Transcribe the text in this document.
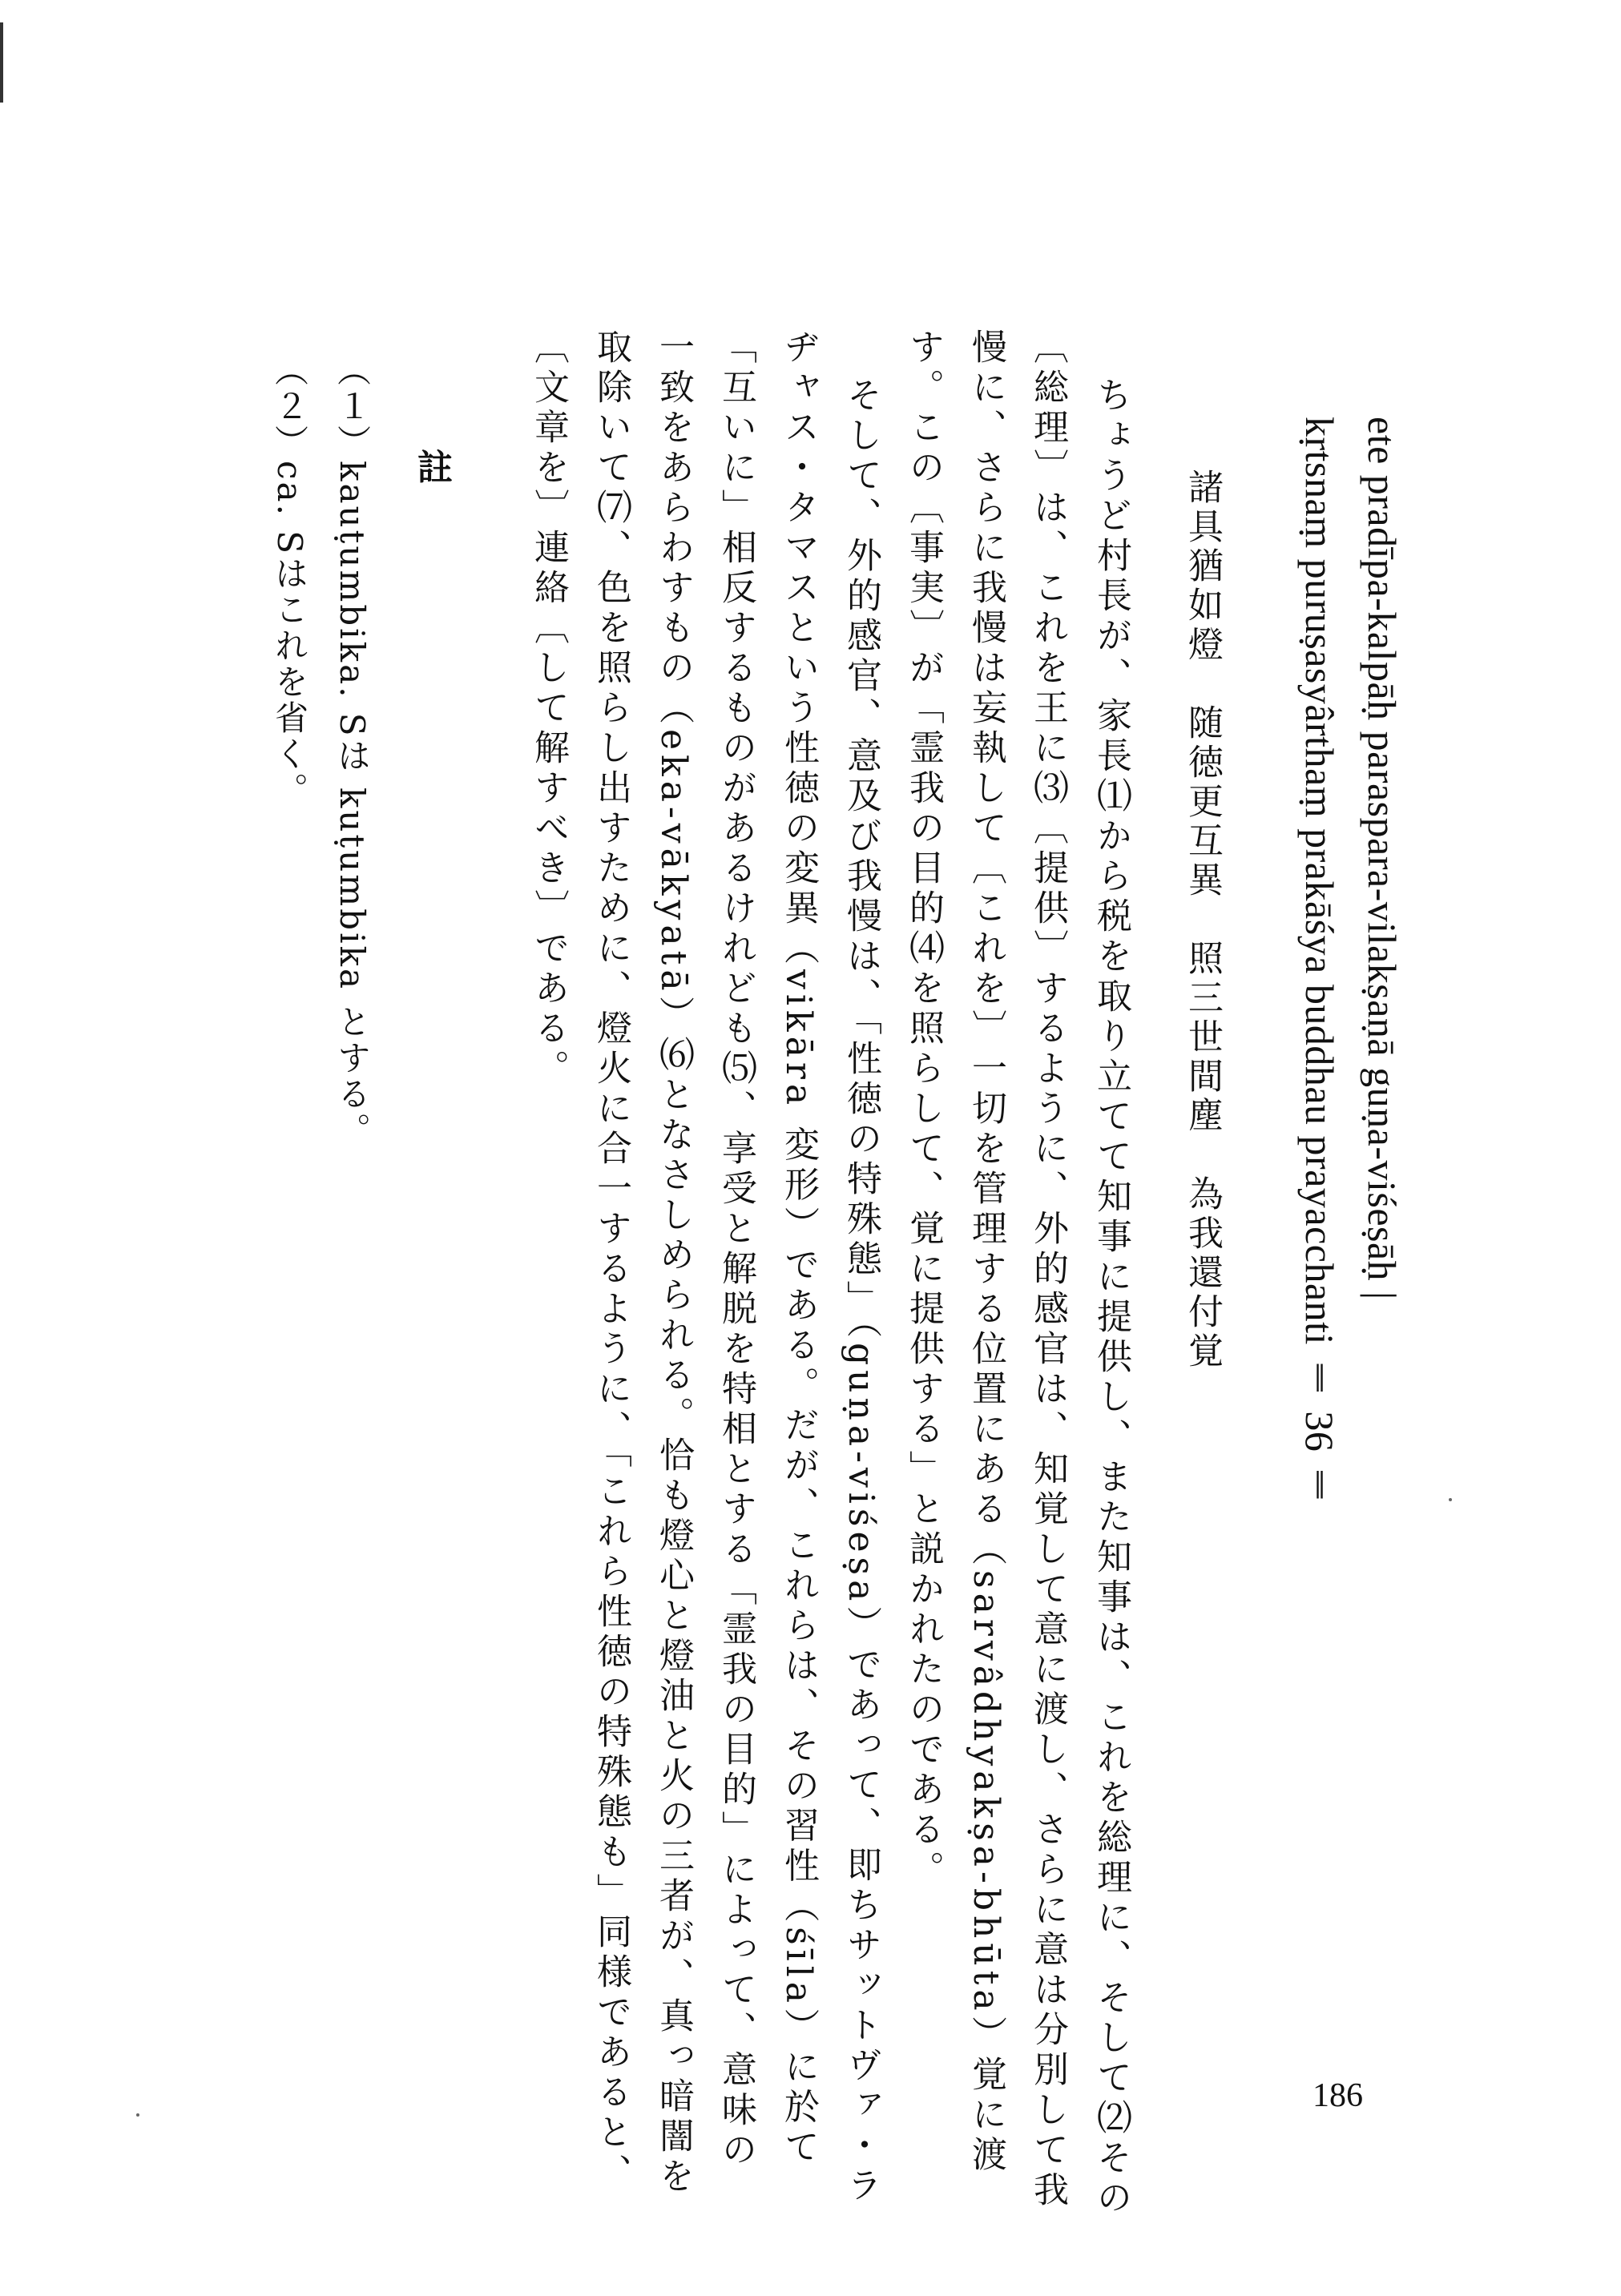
ete pradīpa-kalpāḥ paraspara-vilakṣaṇā guṇa-viśeṣāḥ |
kṛtsnaṃ puruṣasyârthaṃ prakāśya buddhau prayacchanti ‖ 36 ‖
諸具猶如燈　随徳更互異　照三世間塵　為我還付覚
ちょうど村長が、家長⑴から税を取り立てて知事に提供し、また知事は、これを総理に、そして⑵その
〔総理〕は、これを王に⑶〔提供〕するように、外的感官は、知覚して意に渡し、さらに意は分別して我
慢に、さらに我慢は妄執して〔これを〕一切を管理する位置にある（sarvâdhyakṣa-bhūta）覚に渡
す。この〔事実〕が「霊我の目的⑷を照らして、覚に提供する」と説かれたのである。
そして、外的感官、意及び我慢は、「性徳の特殊態」（guṇa-viśeṣa）であって、即ちサットヴァ・ラ
ヂャス・タマスという性徳の変異（vikāra 変形）である。だが、これらは、その習性（śīla）に於て
「互いに」相反するものがあるけれども⑸、享受と解脱を特相とする「霊我の目的」によって、意味の
一致をあらわすもの（eka-vākyatā）⑹となさしめられる。恰も燈心と燈油と火の三者が、真っ暗闇を
取除いて⑺、色を照らし出すために、燈火に合一するように、「これら性徳の特殊態も」同様であると、
〔文章を〕連絡〔して解すべき〕である。
註
（１）kauṭumbika. Sは kuṭumbika とする。
（２）ca. Sはこれを省く。
186
